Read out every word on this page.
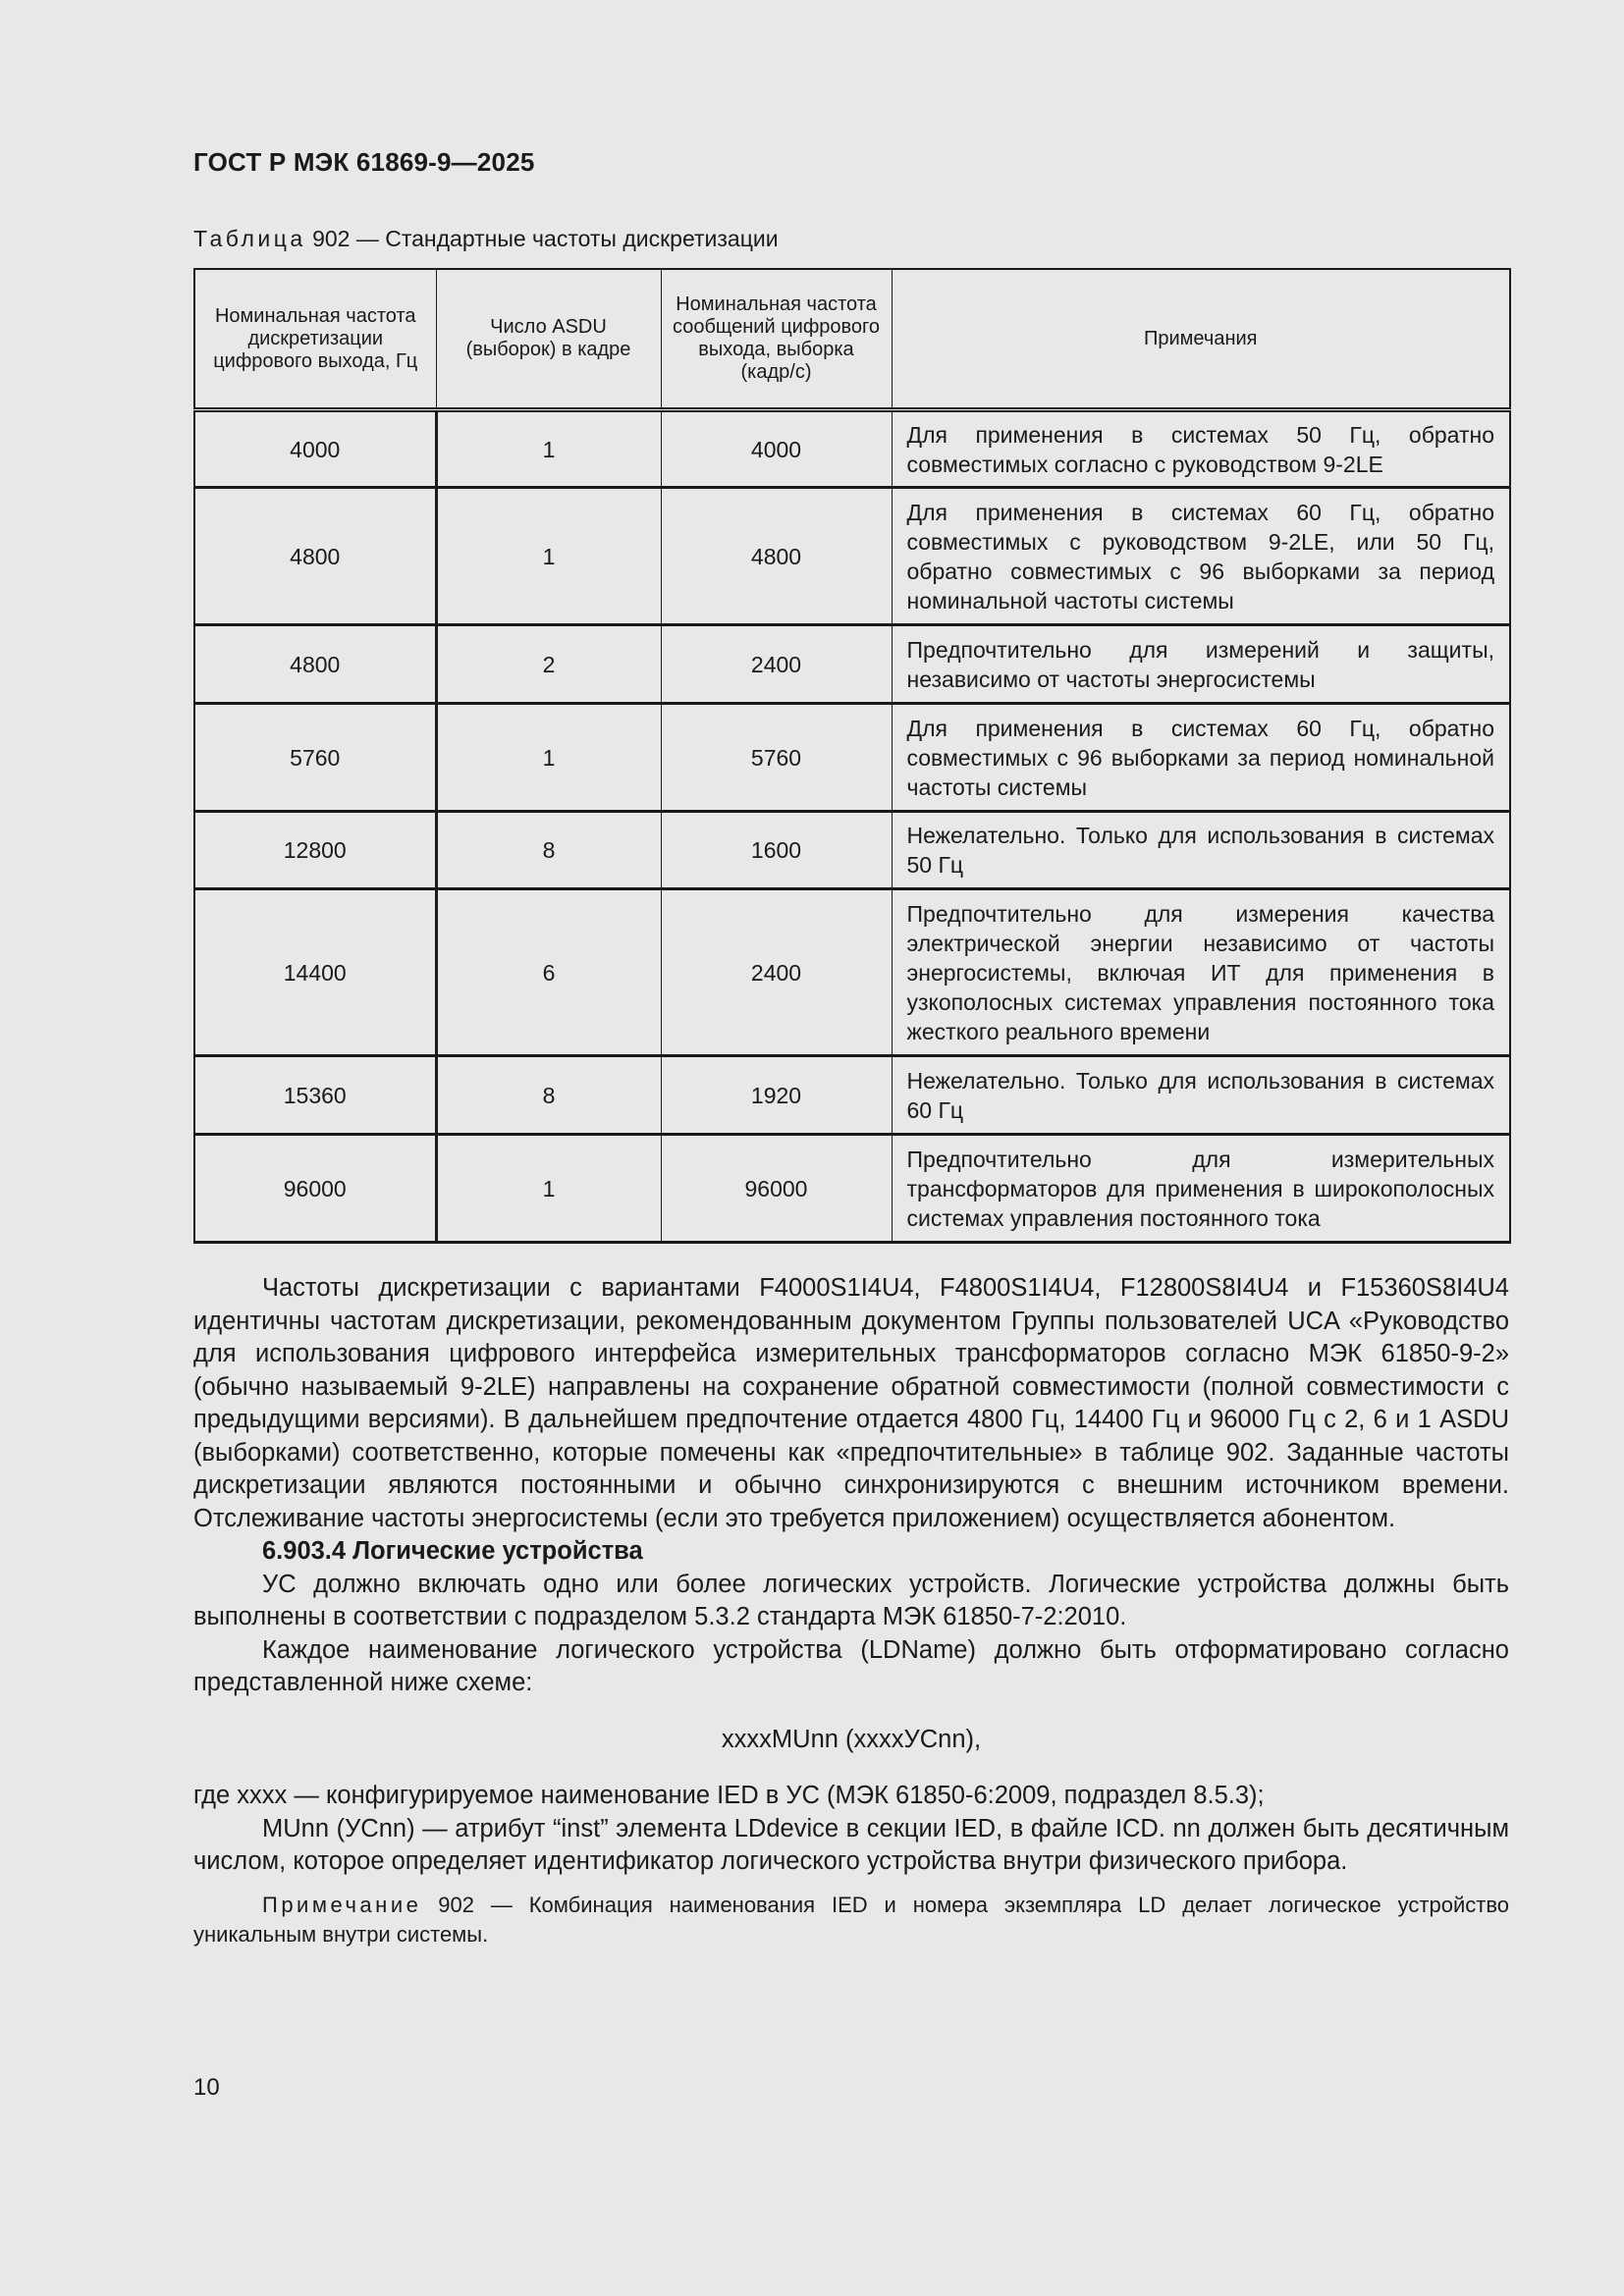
ГОСТ Р МЭК 61869-9—2025
Таблица 902 — Стандартные частоты дискретизации
Номинальная частота дискретизации цифрового выхода, Гц	Число ASDU (выборок) в кадре	Номинальная частота сообщений цифрового выхода, выборка (кадр/с)	Примечания
4000	1	4000	Для применения в системах 50 Гц, обратно совместимых согласно с руководством 9-2LE
4800	1	4800	Для применения в системах 60 Гц, обратно совместимых с руководством 9-2LE, или 50 Гц, обратно совместимых с 96 выборками за период номинальной частоты системы
4800	2	2400	Предпочтительно для измерений и защиты, независимо от частоты энергосистемы
5760	1	5760	Для применения в системах 60 Гц, обратно совместимых с 96 выборками за период номинальной частоты системы
12800	8	1600	Нежелательно. Только для использования в системах 50 Гц
14400	6	2400	Предпочтительно для измерения качества электрической энергии независимо от частоты энергосистемы, включая ИТ для применения в узкополосных системах управления постоянного тока жесткого реального времени
15360	8	1920	Нежелательно. Только для использования в системах 60 Гц
96000	1	96000	Предпочтительно для измерительных трансформаторов для применения в широкополосных системах управления постоянного тока

Частоты дискретизации с вариантами F4000S1I4U4, F4800S1I4U4, F12800S8I4U4 и F15360S8I4U4 идентичны частотам дискретизации, рекомендованным документом Группы пользователей UCA «Руководство для использования цифрового интерфейса измерительных трансформаторов согласно МЭК 61850-9-2» (обычно называемый 9-2LE) направлены на сохранение обратной совместимости (полной совместимости с предыдущими версиями). В дальнейшем предпочтение отдается 4800 Гц, 14400 Гц и 96000 Гц с 2, 6 и 1 ASDU (выборками) соответственно, которые помечены как «предпочтительные» в таблице 902. Заданные частоты дискретизации являются постоянными и обычно синхронизируются с внешним источником времени. Отслеживание частоты энергосистемы (если это требуется приложением) осуществляется абонентом.

6.903.4 Логические устройства

УС должно включать одно или более логических устройств. Логические устройства должны быть выполнены в соответствии с подразделом 5.3.2 стандарта МЭК 61850-7-2:2010.

Каждое наименование логического устройства (LDName) должно быть отформатировано согласно представленной ниже схеме:

xxxxMUnn (xxxxУСnn),

где xxxx — конфигурируемое наименование IED в УС (МЭК 61850-6:2009, подраздел 8.5.3);

MUnn (УСnn) — атрибут “inst” элемента LDdevice в секции IED, в файле ICD. nn должен быть десятичным числом, которое определяет идентификатор логического устройства внутри физического прибора.

Примечание 902 — Комбинация наименования IED и номера экземпляра LD делает логическое устройство уникальным внутри системы.

10
